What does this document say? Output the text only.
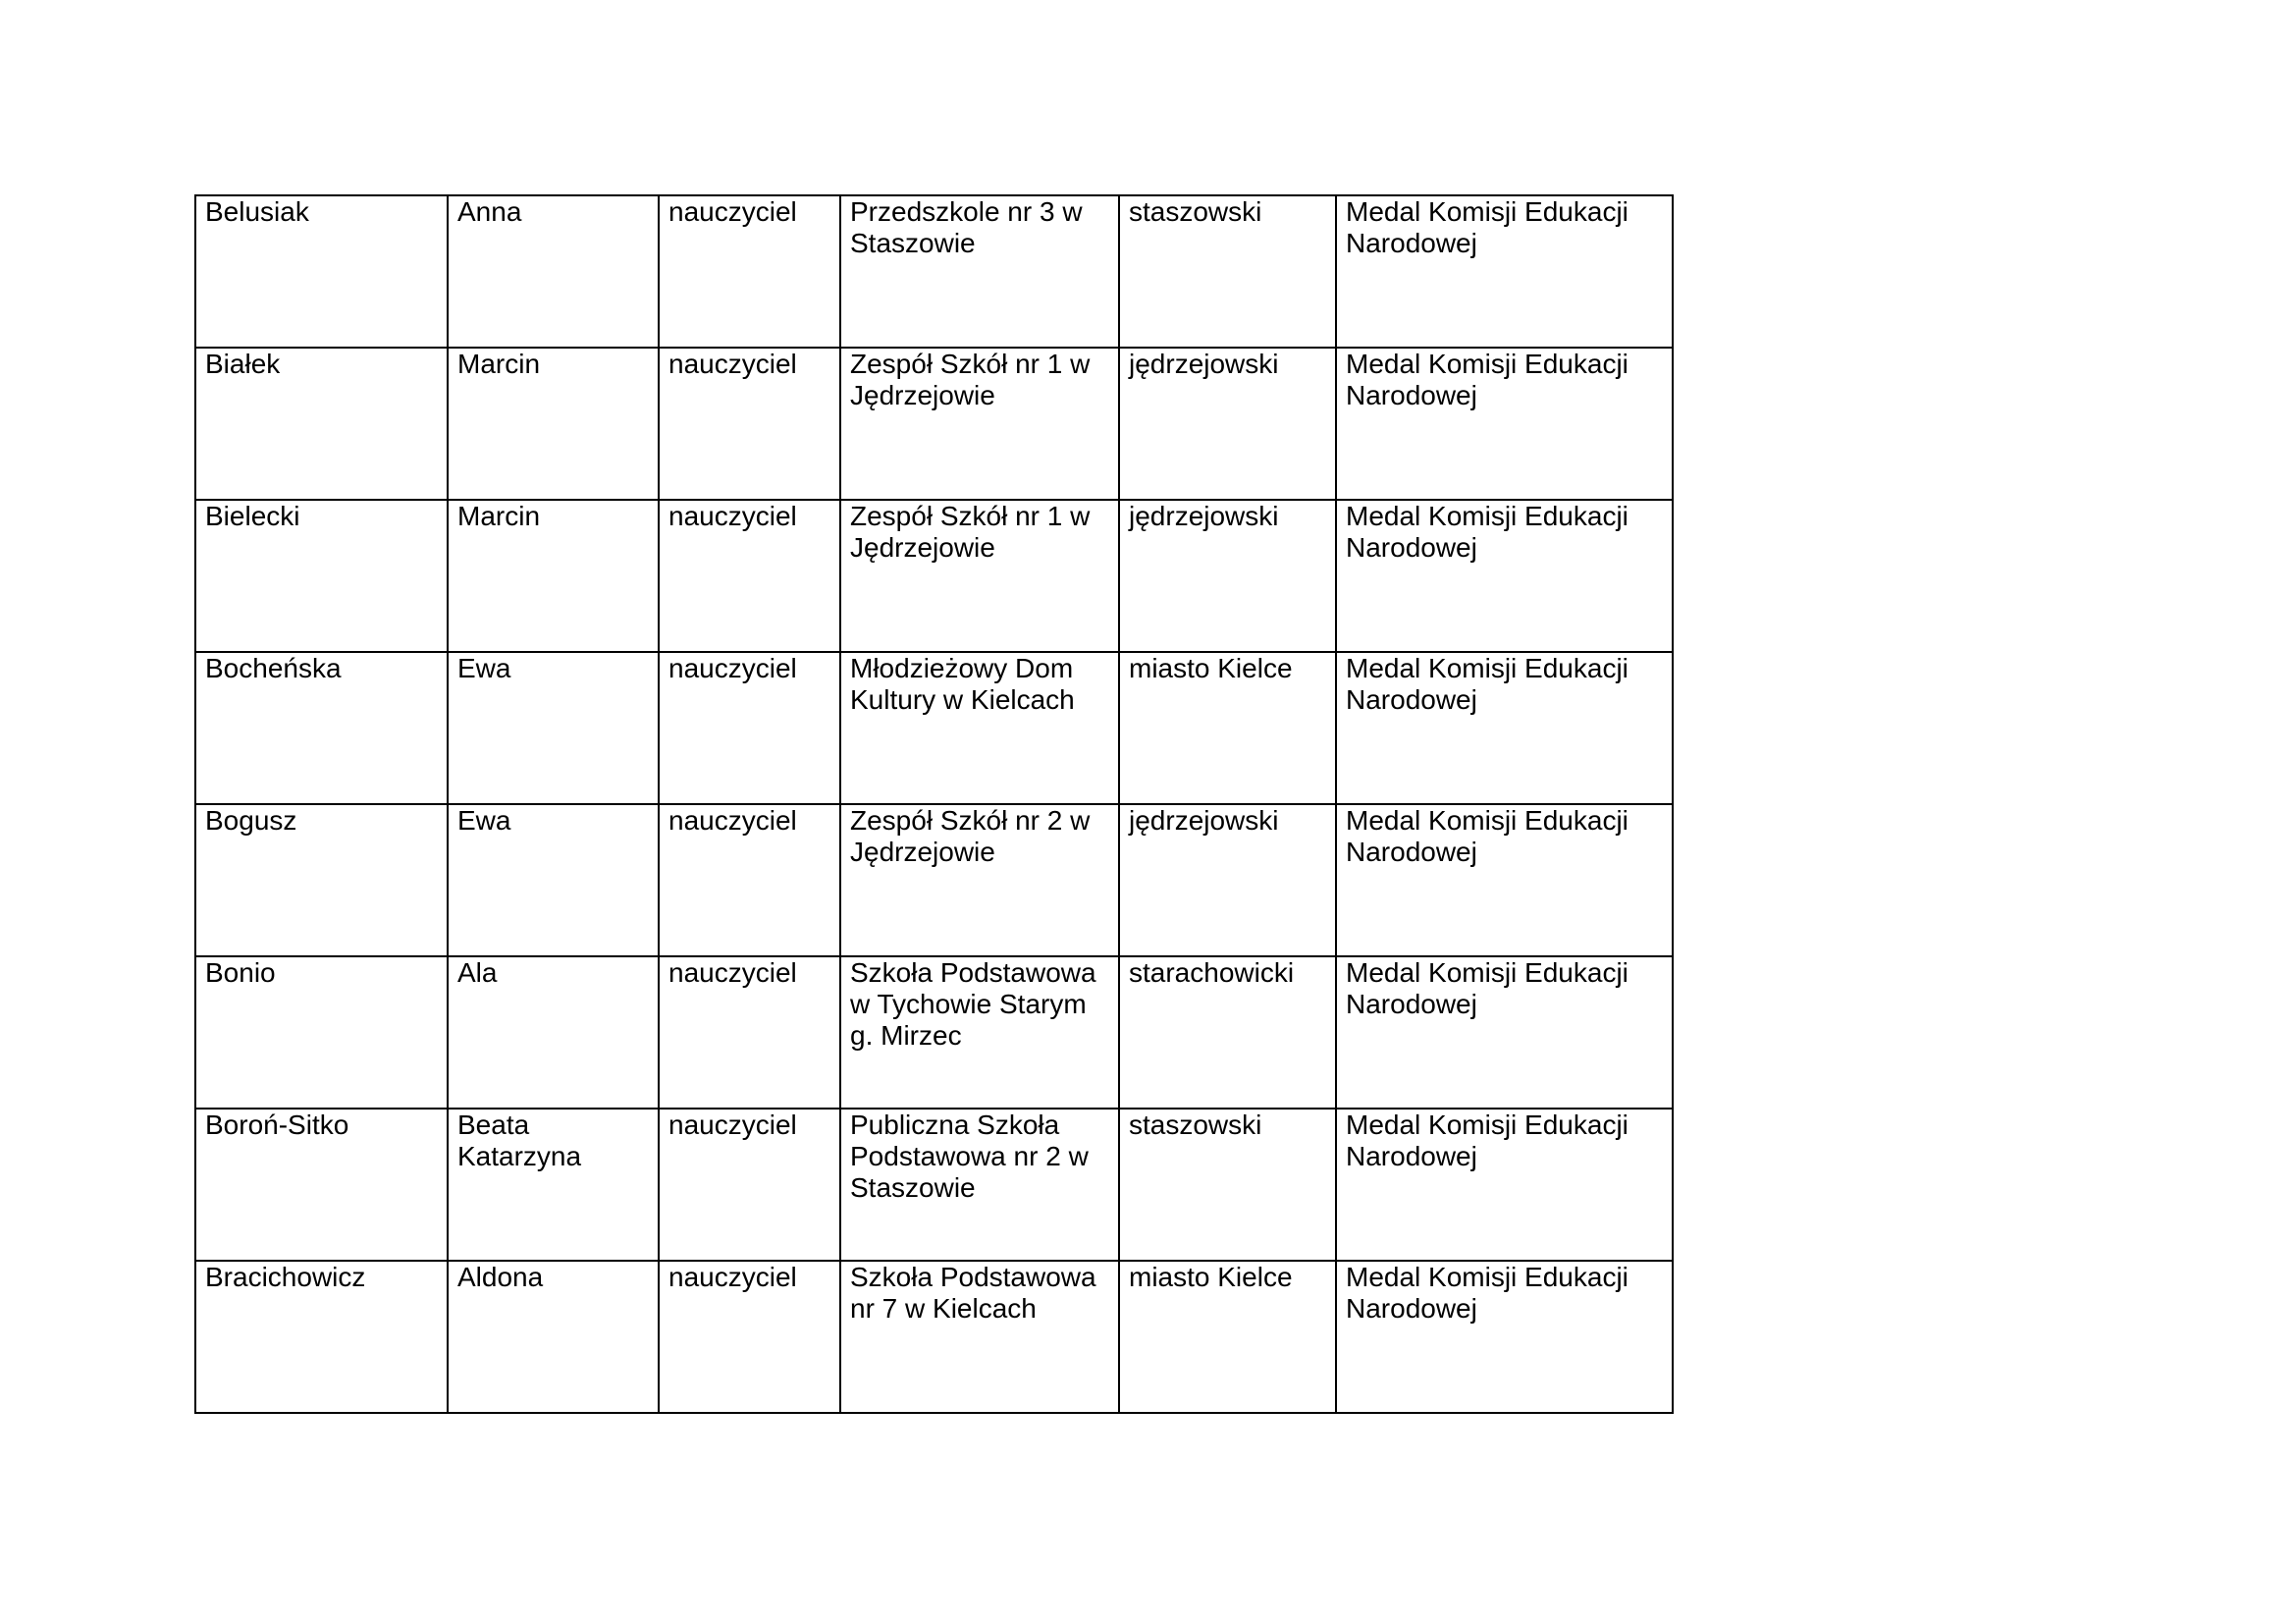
Belusiak	Anna	nauczyciel	Przedszkole nr 3 w Staszowie	staszowski	Medal Komisji Edukacji Narodowej

Białek	Marcin	nauczyciel	Zespół Szkół nr 1 w Jędrzejowie	jędrzejowski	Medal Komisji Edukacji Narodowej

Bielecki	Marcin	nauczyciel	Zespół Szkół nr 1 w Jędrzejowie	jędrzejowski	Medal Komisji Edukacji Narodowej

Bocheńska	Ewa	nauczyciel	Młodzieżowy Dom Kultury w Kielcach	miasto Kielce	Medal Komisji Edukacji Narodowej

Bogusz	Ewa	nauczyciel	Zespół Szkół nr 2 w Jędrzejowie	jędrzejowski	Medal Komisji Edukacji Narodowej

Bonio	Ala	nauczyciel	Szkoła Podstawowa w Tychowie Starym g. Mirzec	starachowicki	Medal Komisji Edukacji Narodowej

Boroń-Sitko	Beata Katarzyna	nauczyciel	Publiczna Szkoła Podstawowa nr 2 w Staszowie	staszowski	Medal Komisji Edukacji Narodowej

Bracichowicz	Aldona	nauczyciel	Szkoła Podstawowa nr 7 w Kielcach	miasto Kielce	Medal Komisji Edukacji Narodowej
